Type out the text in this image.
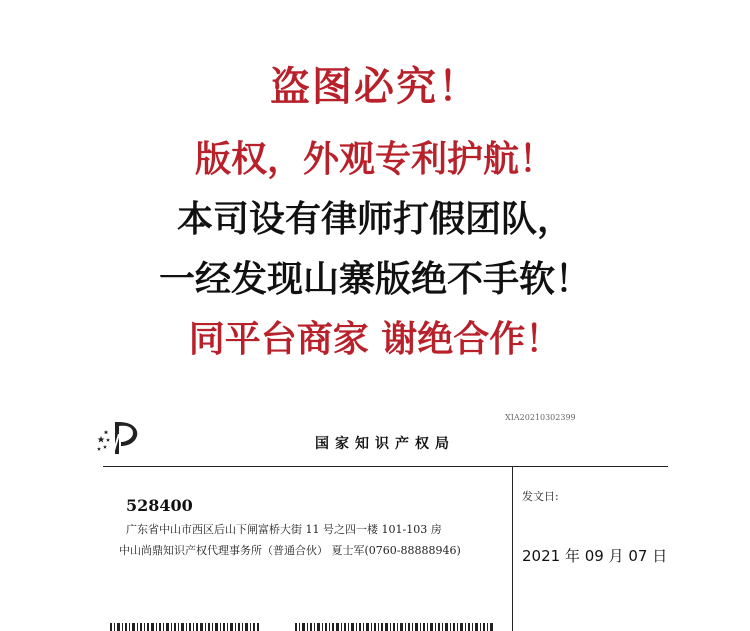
盗图必究！
版权，外观专利护航！
本司设有律师打假团队，
一经发现山寨版绝不手软！
同平台商家 谢绝合作！
XIA20210302399
国家知识产权局
528400
广东省中山市西区后山下闸富桥大街 11 号之四一楼 101-103 房
中山尚鼎知识产权代理事务所（普通合伙） 夏士军(0760-88888946)
发文日:
2021 年 09 月 07 日
